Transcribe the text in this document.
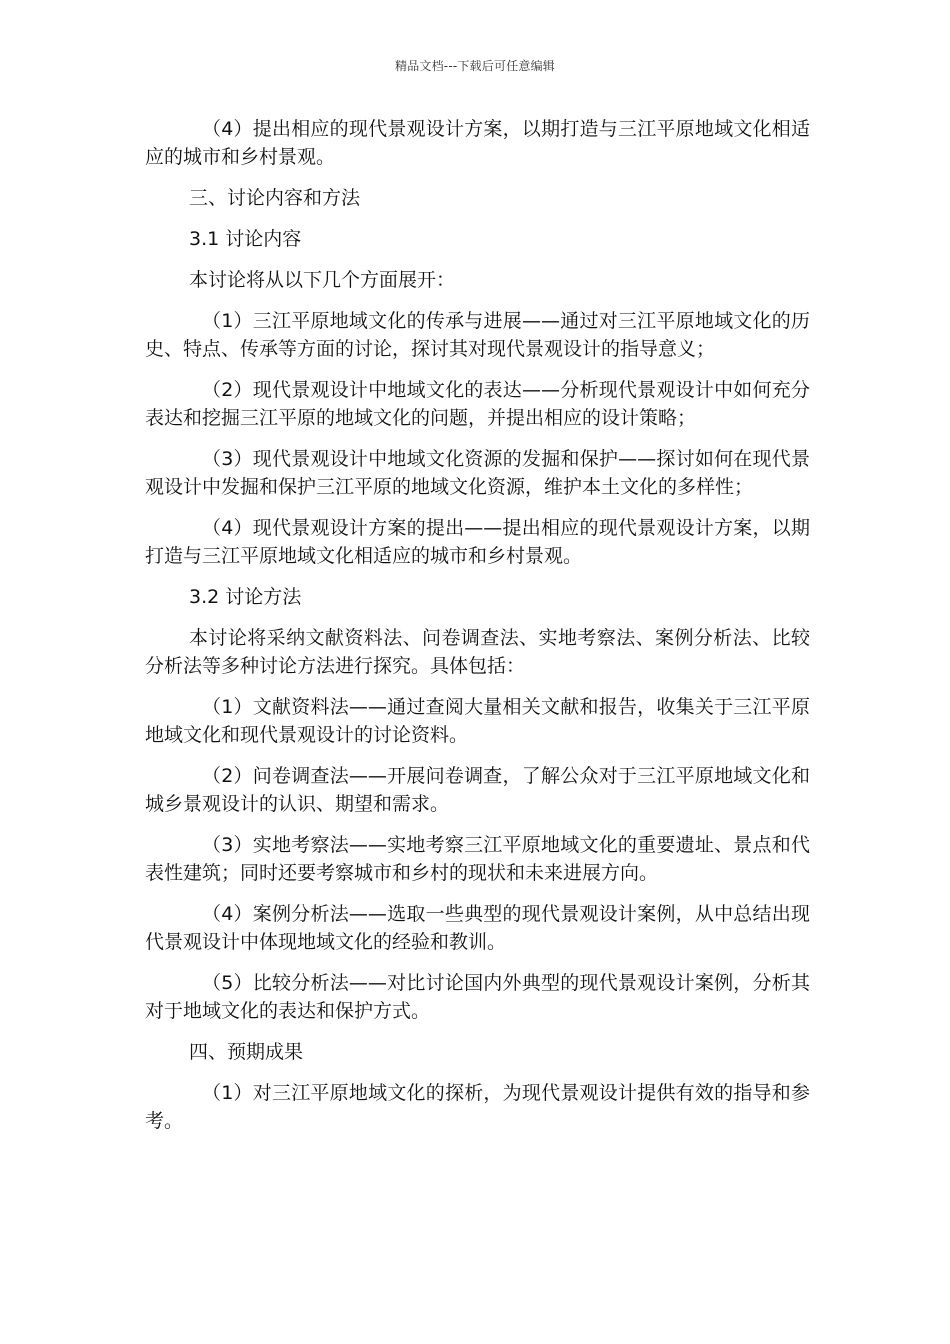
精品文档---下载后可任意编辑

（4）提出相应的现代景观设计方案，以期打造与三江平原地域文化相适应的城市和乡村景观。

三、讨论内容和方法

3.1 讨论内容

本讨论将从以下几个方面展开：

（1）三江平原地域文化的传承与进展——通过对三江平原地域文化的历史、特点、传承等方面的讨论，探讨其对现代景观设计的指导意义；

（2）现代景观设计中地域文化的表达——分析现代景观设计中如何充分表达和挖掘三江平原的地域文化的问题，并提出相应的设计策略；

（3）现代景观设计中地域文化资源的发掘和保护——探讨如何在现代景观设计中发掘和保护三江平原的地域文化资源，维护本土文化的多样性；

（4）现代景观设计方案的提出——提出相应的现代景观设计方案，以期打造与三江平原地域文化相适应的城市和乡村景观。

3.2 讨论方法

本讨论将采纳文献资料法、问卷调查法、实地考察法、案例分析法、比较分析法等多种讨论方法进行探究。具体包括：

（1）文献资料法——通过查阅大量相关文献和报告，收集关于三江平原地域文化和现代景观设计的讨论资料。

（2）问卷调查法——开展问卷调查，了解公众对于三江平原地域文化和城乡景观设计的认识、期望和需求。

（3）实地考察法——实地考察三江平原地域文化的重要遗址、景点和代表性建筑；同时还要考察城市和乡村的现状和未来进展方向。

（4）案例分析法——选取一些典型的现代景观设计案例，从中总结出现代景观设计中体现地域文化的经验和教训。

（5）比较分析法——对比讨论国内外典型的现代景观设计案例，分析其对于地域文化的表达和保护方式。

四、预期成果

（1）对三江平原地域文化的探析，为现代景观设计提供有效的指导和参考。
